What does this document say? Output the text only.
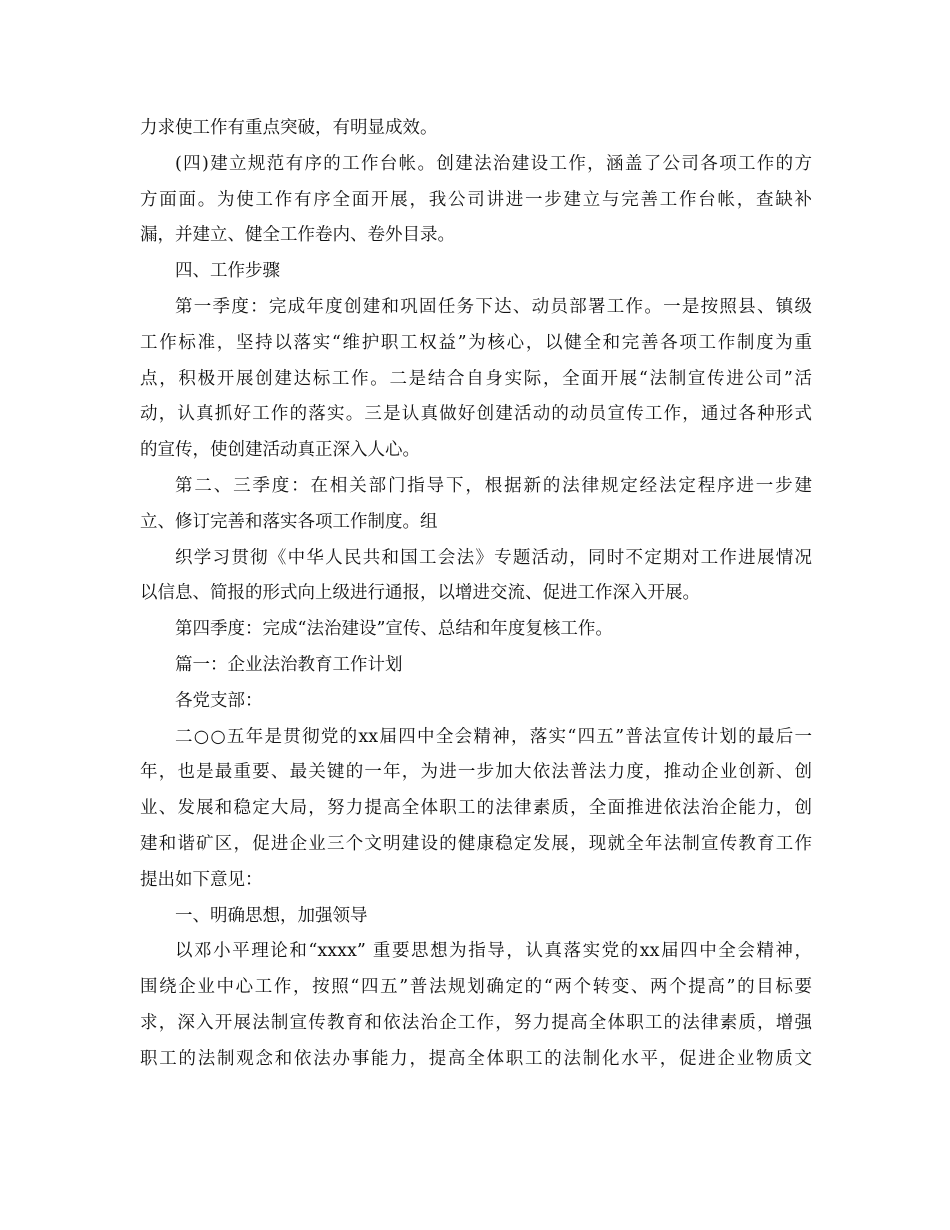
力求使工作有重点突破，有明显成效。
(四)建立规范有序的工作台帐。创建法治建设工作，涵盖了公司各项工作的方
方面面。为使工作有序全面开展，我公司讲进一步建立与完善工作台帐，查缺补
漏，并建立、健全工作卷内、卷外目录。
四、工作步骤
第一季度：完成年度创建和巩固任务下达、动员部署工作。一是按照县、镇级
工作标准，坚持以落实“维护职工权益”为核心，以健全和完善各项工作制度为重
点，积极开展创建达标工作。二是结合自身实际，全面开展“法制宣传进公司”活
动，认真抓好工作的落实。三是认真做好创建活动的动员宣传工作，通过各种形式
的宣传，使创建活动真正深入人心。
第二、三季度：在相关部门指导下，根据新的法律规定经法定程序进一步建
立、修订完善和落实各项工作制度。组
织学习贯彻《中华人民共和国工会法》专题活动，同时不定期对工作进展情况
以信息、简报的形式向上级进行通报，以增进交流、促进工作深入开展。
第四季度：完成“法治建设”宣传、总结和年度复核工作。
篇一：企业法治教育工作计划
各党支部：
二○○五年是贯彻党的xx届四中全会精神，落实“四五”普法宣传计划的最后一
年，也是最重要、最关键的一年，为进一步加大依法普法力度，推动企业创新、创
业、发展和稳定大局，努力提高全体职工的法律素质，全面推进依法治企能力，创
建和谐矿区，促进企业三个文明建设的健康稳定发展，现就全年法制宣传教育工作
提出如下意见：
一、明确思想，加强领导
以邓小平理论和“xxxx” 重要思想为指导，认真落实党的xx届四中全会精神，
围绕企业中心工作，按照“四五”普法规划确定的“两个转变、两个提高”的目标要
求，深入开展法制宣传教育和依法治企工作，努力提高全体职工的法律素质，增强
职工的法制观念和依法办事能力，提高全体职工的法制化水平，促进企业物质文
